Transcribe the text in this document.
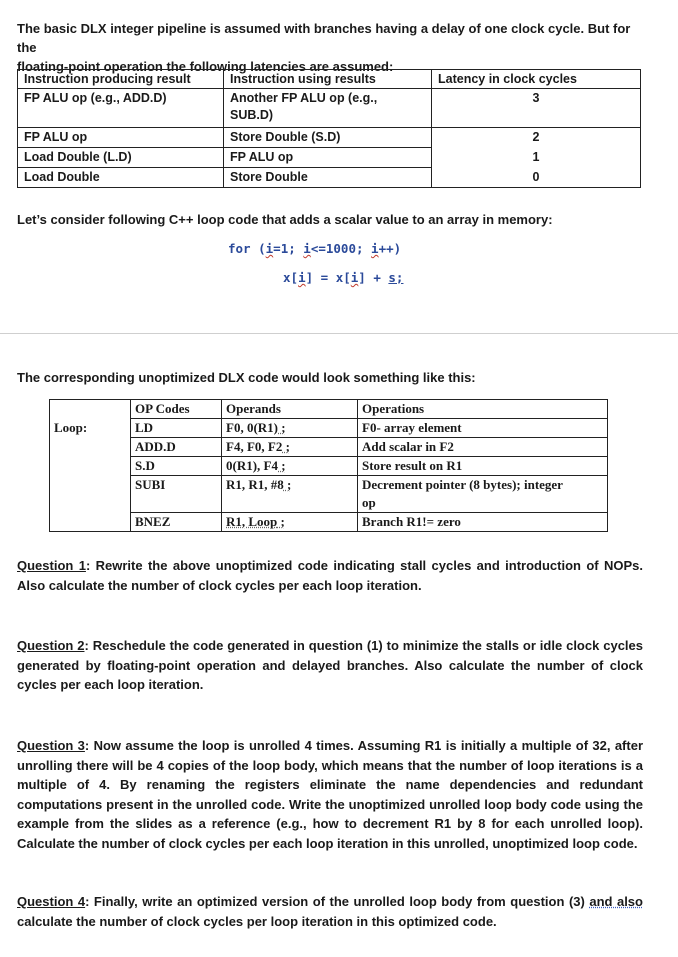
The basic DLX integer pipeline is assumed with branches having a delay of one clock cycle. But for the
floating-point operation the following latencies are assumed:
Instruction producing result	Instruction using results	Latency in clock cycles
FP ALU op (e.g., ADD.D)	Another FP ALU op (e.g.,
SUB.D)	3
FP ALU op	Store Double (S.D)	2
Load Double (L.D)	FP ALU op	1
Load Double	Store Double	0
Let’s consider following C++ loop code that adds a scalar value to an array in memory:
for (i=1; i<=1000; i++)
x[i] = x[i] + s;
The corresponding unoptimized DLX code would look something like this:
	OP Codes	Operands	Operations
Loop:	LD	F0, 0(R1) ;	F0- array element
	ADD.D	F4, F0, F2 ;	Add scalar in F2
	S.D	0(R1), F4 ;	Store result on R1
	SUBI	R1, R1, #8 ;	Decrement pointer (8 bytes); integer
op

	BNEZ	R1, Loop ;	Branch R1!= zero
Question 1: Rewrite the above unoptimized code indicating stall cycles and introduction of NOPs. Also calculate the number of clock cycles per each loop iteration.
Question 2: Reschedule the code generated in question (1) to minimize the stalls or idle clock cycles generated by floating-point operation and delayed branches. Also calculate the number of clock cycles per each loop iteration.
Question 3: Now assume the loop is unrolled 4 times. Assuming R1 is initially a multiple of 32, after unrolling there will be 4 copies of the loop body, which means that the number of loop iterations is a multiple of 4. By renaming the registers eliminate the name dependencies and redundant computations present in the unrolled code. Write the unoptimized unrolled loop body code using the example from the slides as a reference (e.g., how to decrement R1 by 8 for each unrolled loop). Calculate the number of clock cycles per each loop iteration in this unrolled, unoptimized loop code.
Question 4: Finally, write an optimized version of the unrolled loop body from question (3) and also calculate the number of clock cycles per loop iteration in this optimized code.
